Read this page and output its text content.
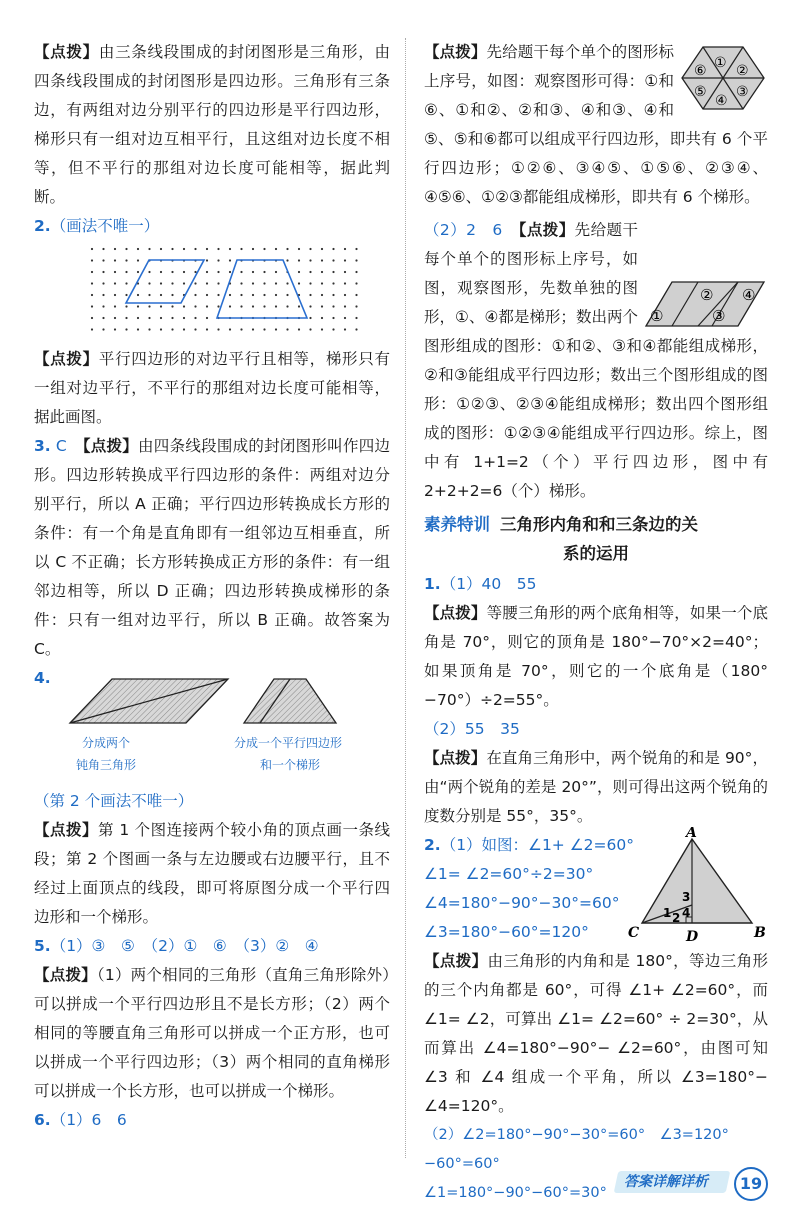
【点拨】由三条线段围成的封闭图形是三角形，由四条线段围成的封闭图形是四边形。三角形有三条边，有两组对边分别平行的四边形是平行四边形，梯形只有一组对边互相平行，且这组对边长度不相等，但不平行的那组对边长度可能相等，据此判断。

2.（画法不唯一）

【点拨】平行四边形的对边平行且相等，梯形只有一组对边平行，不平行的那组对边长度可能相等，据此画图。

3. C　 【点拨】由四条线段围成的封闭图形叫作四边形。四边形转换成平行四边形的条件：两组对边分别平行，所以 A 正确；平行四边形转换成长方形的条件：有一个角是直角即有一组邻边互相垂直，所以 C 不正确；长方形转换成正方形的条件：有一组邻边相等，所以 D 正确；四边形转换成梯形的条件：只有一组对边平行，所以 B 正确。故答案为 C。

4.
分成两个
钝角三角形
分成一个平行四边形
和一个梯形
（第 2 个画法不唯一）

【点拨】第 1 个图连接两个较小角的顶点画一条线段；第 2 个图画一条与左边腰或右边腰平行，且不经过上面顶点的线段，即可将原图分成一个平行四边形和一个梯形。

5.（1）③　⑤　（2）①　⑥　（3）②　④

【点拨】（1）两个相同的三角形（直角三角形除外）可以拼成一个平行四边形且不是长方形；（2）两个相同的等腰直角三角形可以拼成一个正方形，也可以拼成一个平行四边形；（3）两个相同的直角梯形可以拼成一个长方形，也可以拼成一个梯形。

6.（1）6　6
① ②
③
④
⑤
⑥

【点拨】先给题干每个单个的图形标上序号，如图：观察图形可得：①和⑥、①和②、②和③、④和③、④和⑤、⑤和⑥都可以组成平行四边形，即共有 6 个平行四边形；①②⑥、③④⑤、①⑤⑥、②③④、④⑤⑥、①②③都能组成梯形，即共有 6 个梯形。

①
②
③
④

（2）2　6　 【点拨】先给题干每个单个的图形标上序号，如图，观察图形，先数单独的图形，①、④都是梯形；数出两个图形组成的图形：①和②、③和④都能组成梯形，②和③能组成平行四边形；数出三个图形组成的图形：①②③、②③④能组成梯形；数出四个图形组成的图形：①②③④能组成平行四边形。综上，图中有 1+1=2（个）平行四边形，图中有 2+2+2=6（个）梯形。

素养特训 三角形内角和和三条边的关
系的运用
1.（1）40　55

【点拨】等腰三角形的两个底角相等，如果一个底角是 70°，则它的顶角是 180°−70°×2=40°；如果顶角是 70°，则它的一个底角是（180°−70°）÷2=55°。

（2）55　35

【点拨】在直角三角形中，两个锐角的和是 90°，由“两个锐角的差是 20°”，则可得出这两个锐角的度数分别是 55°，35°。

2.（1）如图：∠1+ ∠2=60°
∠1= ∠2=60°÷2=30°
∠4=180°−90°−30°=60°
∠3=180°−60°=120°
A
C	B
D
1 2
3
4

【点拨】由三角形的内角和是 180°，等边三角形的三个内角都是 60°，可得 ∠1+ ∠2=60°，而 ∠1= ∠2，可算出 ∠1= ∠2=60° ÷ 2=30°，从而算出 ∠4=180°−90°− ∠2=60°，由图可知 ∠3 和 ∠4 组成一个平角，所以 ∠3=180°− ∠4=120°。

（2）∠2=180°−90°−30°=60°　∠3=120°−60°=60°
∠1=180°−90°−60°=30°
答案详解详析	19
